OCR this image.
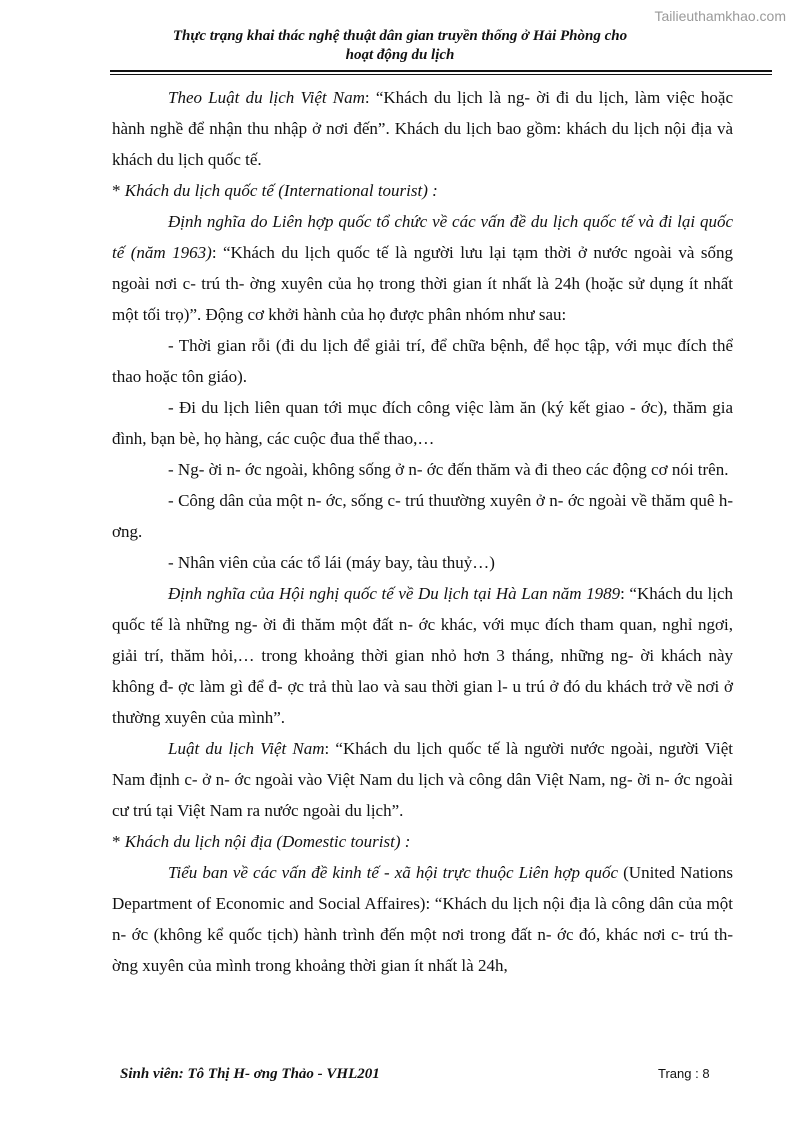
Tailieuthamkhao.com
Thực trạng khai thác nghệ thuật dân gian truyền thống ở Hải Phòng cho
hoạt động du lịch

Theo Luật du lịch Việt Nam: “Khách du lịch là ng- ời đi du lịch, làm việc hoặc hành nghề để nhận thu nhập ở nơi đến”. Khách du lịch bao gồm: khách du lịch nội địa và khách du lịch quốc tế.

* Khách du lịch quốc tế (International tourist) :

Định nghĩa do Liên hợp quốc tổ chức về các vấn đề du lịch quốc tế và đi lại quốc tế (năm 1963): “Khách du lịch quốc tế là người lưu lại tạm thời ở nước ngoài và sống ngoài nơi c- trú th- ờng xuyên của họ trong thời gian ít nhất là 24h (hoặc sử dụng ít nhất một tối trọ)”. Động cơ khởi hành của họ được phân nhóm như sau:

- Thời gian rỗi (đi du lịch để giải trí, để chữa bệnh, để học tập, với mục đích thể thao hoặc tôn giáo).

- Đi du lịch liên quan tới mục đích công việc làm ăn (ký kết giao - ớc), thăm gia đình, bạn bè, họ hàng, các cuộc đua thể thao,…

- Ng- ời n- ớc ngoài, không sống ở n- ớc đến thăm và đi theo các động cơ nói trên.

- Công dân của một n- ớc, sống c- trú thuường xuyên ở n- ớc ngoài về thăm quê h- ơng.

- Nhân viên của các tổ lái (máy bay, tàu thuỷ…)

Định nghĩa của Hội nghị quốc tế về Du lịch tại Hà Lan năm 1989: “Khách du lịch quốc tế là những ng- ời đi thăm một đất n- ớc khác, với mục đích tham quan, nghỉ ngơi, giải trí, thăm hỏi,… trong khoảng thời gian nhỏ hơn 3 tháng, những ng- ời khách này không đ- ợc làm gì để đ- ợc trả thù lao và sau thời gian l- u trú ở đó du khách trở về nơi ở thường xuyên của mình”.

Luật du lịch Việt Nam: “Khách du lịch quốc tế là người nước ngoài, người Việt Nam định c- ở n- ớc ngoài vào Việt Nam du lịch và công dân Việt Nam, ng- ời n- ớc ngoài cư trú tại Việt Nam ra nước ngoài du lịch”.

* Khách du lịch nội địa (Domestic tourist) :

Tiểu ban về các vấn đề kinh tế - xã hội trực thuộc Liên hợp quốc (United Nations Department of Economic and Social Affaires): “Khách du lịch nội địa là công dân của một n- ớc (không kể quốc tịch) hành trình đến một nơi trong đất n- ớc đó, khác nơi c- trú th- ờng xuyên của mình trong khoảng thời gian ít nhất là 24h,

Sinh viên: Tô Thị H- ơng Thảo - VHL201	Trang : 8
